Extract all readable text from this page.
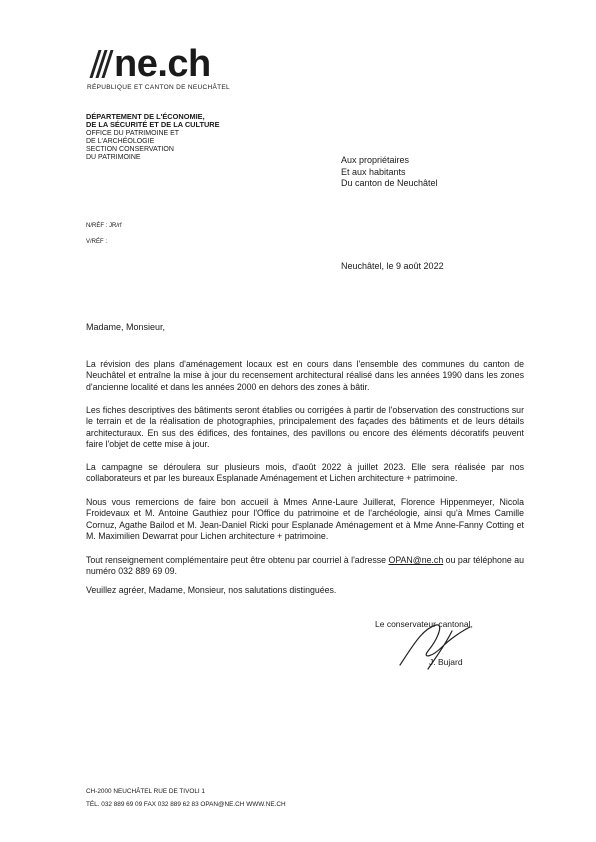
ne.ch
RÉPUBLIQUE ET CANTON DE NEUCHÂTEL
DÉPARTEMENT DE L'ÉCONOMIE,
DE LA SÉCURITÉ ET DE LA CULTURE
OFFICE DU PATRIMOINE ET
DE L'ARCHÉOLOGIE
SECTION CONSERVATION
DU PATRIMOINE	Aux propriétaires
Et aux habitants
Du canton de Neuchâtel
N/RÉF : JR/rf
V/RÉF :
Neuchâtel, le 9 août 2022
Madame, Monsieur,
La révision des plans d'aménagement locaux est en cours dans l'ensemble des communes du canton de Neuchâtel et entraîne la mise à jour du recensement architectural réalisé dans les années 1990 dans les zones d'ancienne localité et dans les années 2000 en dehors des zones à bâtir.
Les fiches descriptives des bâtiments seront établies ou corrigées à partir de l'observation des constructions sur le terrain et de la réalisation de photographies, principalement des façades des bâtiments et de leurs détails architecturaux. En sus des édifices, des fontaines, des pavillons ou encore des éléments décoratifs peuvent faire l'objet de cette mise à jour.
La campagne se déroulera sur plusieurs mois, d'août 2022 à juillet 2023. Elle sera réalisée par nos collaborateurs et par les bureaux Esplanade Aménagement et Lichen architecture + patrimoine.
Nous vous remercions de faire bon accueil à Mmes Anne-Laure Juillerat, Florence Hippenmeyer, Nicola Froidevaux et M. Antoine Gauthiez pour l'Office du patrimoine et de l'archéologie, ainsi qu'à Mmes Camille Cornuz, Agathe Bailod et M. Jean-Daniel Ricki pour Esplanade Aménagement et à Mme Anne-Fanny Cotting et M. Maximilien Dewarrat pour Lichen architecture + patrimoine.
Tout renseignement complémentaire peut être obtenu par courriel à l'adresse OPAN@ne.ch ou par téléphone au numéro 032 889 69 09.
Veuillez agréer, Madame, Monsieur, nos salutations distinguées.
Le conservateur cantonal,
J. Bujard
CH-2000 NEUCHÂTEL RUE DE TIVOLI 1
TÉL. 032 889 69 09 FAX 032 889 62 83 OPAN@NE.CH WWW.NE.CH
